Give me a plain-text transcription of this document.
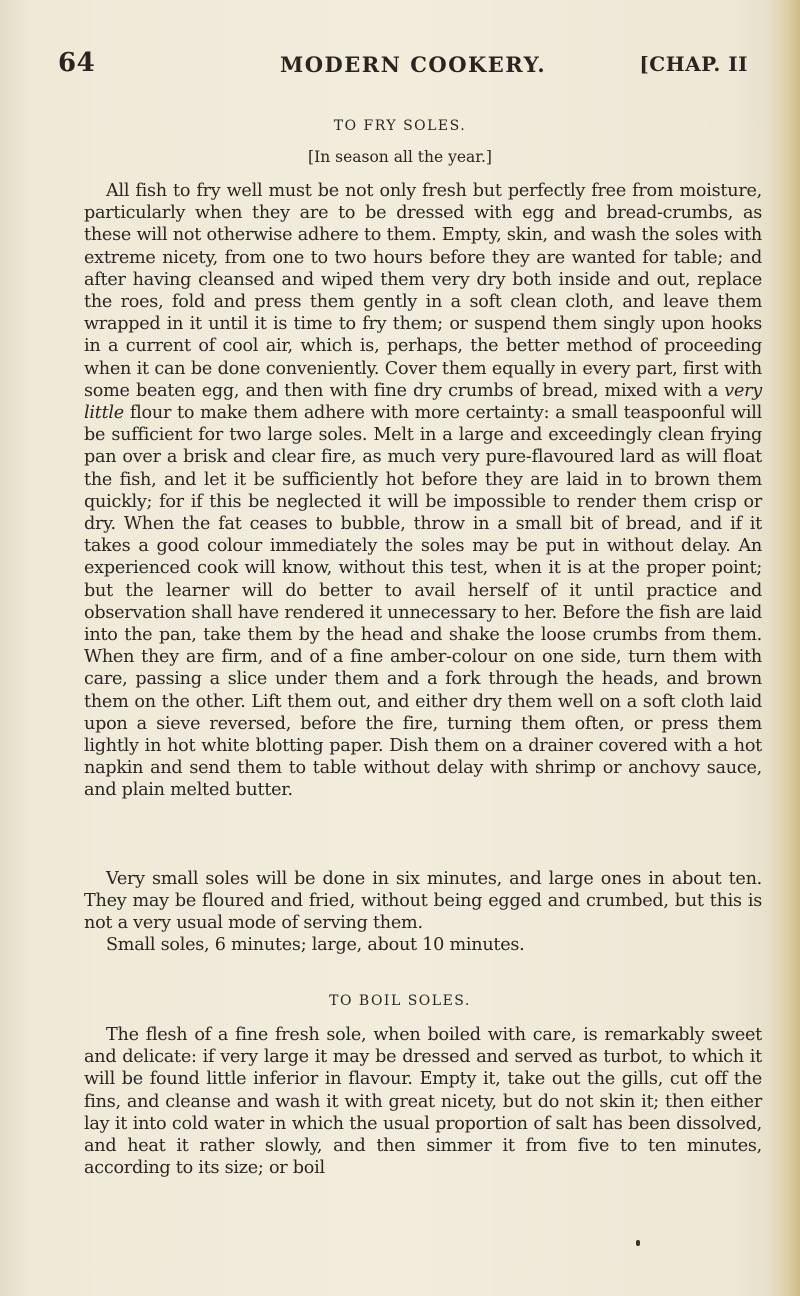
64	MODERN COOKERY.	[CHAP. II
TO FRY SOLES.
[In season all the year.]

All fish to fry well must be not only fresh but perfectly free from moisture, particularly when they are to be dressed with egg and bread-crumbs, as these will not otherwise adhere to them. Empty, skin, and wash the soles with extreme nicety, from one to two hours before they are wanted for table; and after having cleansed and wiped them very dry both inside and out, replace the roes, fold and press them gently in a soft clean cloth, and leave them wrapped in it until it is time to fry them; or suspend them singly upon hooks in a current of cool air, which is, perhaps, the better method of proceeding when it can be done conveniently. Cover them equally in every part, first with some beaten egg, and then with fine dry crumbs of bread, mixed with a very little flour to make them adhere with more certainty: a small teaspoonful will be sufficient for two large soles. Melt in a large and exceedingly clean frying pan over a brisk and clear fire, as much very pure-flavoured lard as will float the fish, and let it be sufficiently hot before they are laid in to brown them quickly; for if this be neglected it will be impossible to render them crisp or dry. When the fat ceases to bubble, throw in a small bit of bread, and if it takes a good colour immediately the soles may be put in without delay. An experienced cook will know, without this test, when it is at the proper point; but the learner will do better to avail herself of it until practice and observation shall have rendered it unnecessary to her. Before the fish are laid into the pan, take them by the head and shake the loose crumbs from them. When they are firm, and of a fine amber-colour on one side, turn them with care, passing a slice under them and a fork through the heads, and brown them on the other. Lift them out, and either dry them well on a soft cloth laid upon a sieve reversed, before the fire, turning them often, or press them lightly in hot white blotting paper. Dish them on a drainer covered with a hot napkin and send them to table without delay with shrimp or anchovy sauce, and plain melted butter.

Very small soles will be done in six minutes, and large ones in about ten. They may be floured and fried, without being egged and crumbed, but this is not a very usual mode of serving them.

Small soles, 6 minutes; large, about 10 minutes.

TO BOIL SOLES.

The flesh of a fine fresh sole, when boiled with care, is remarkably sweet and delicate: if very large it may be dressed and served as turbot, to which it will be found little inferior in flavour. Empty it, take out the gills, cut off the fins, and cleanse and wash it with great nicety, but do not skin it; then either lay it into cold water in which the usual proportion of salt has been dissolved, and heat it rather slowly, and then simmer it from five to ten minutes, according to its size; or boil
